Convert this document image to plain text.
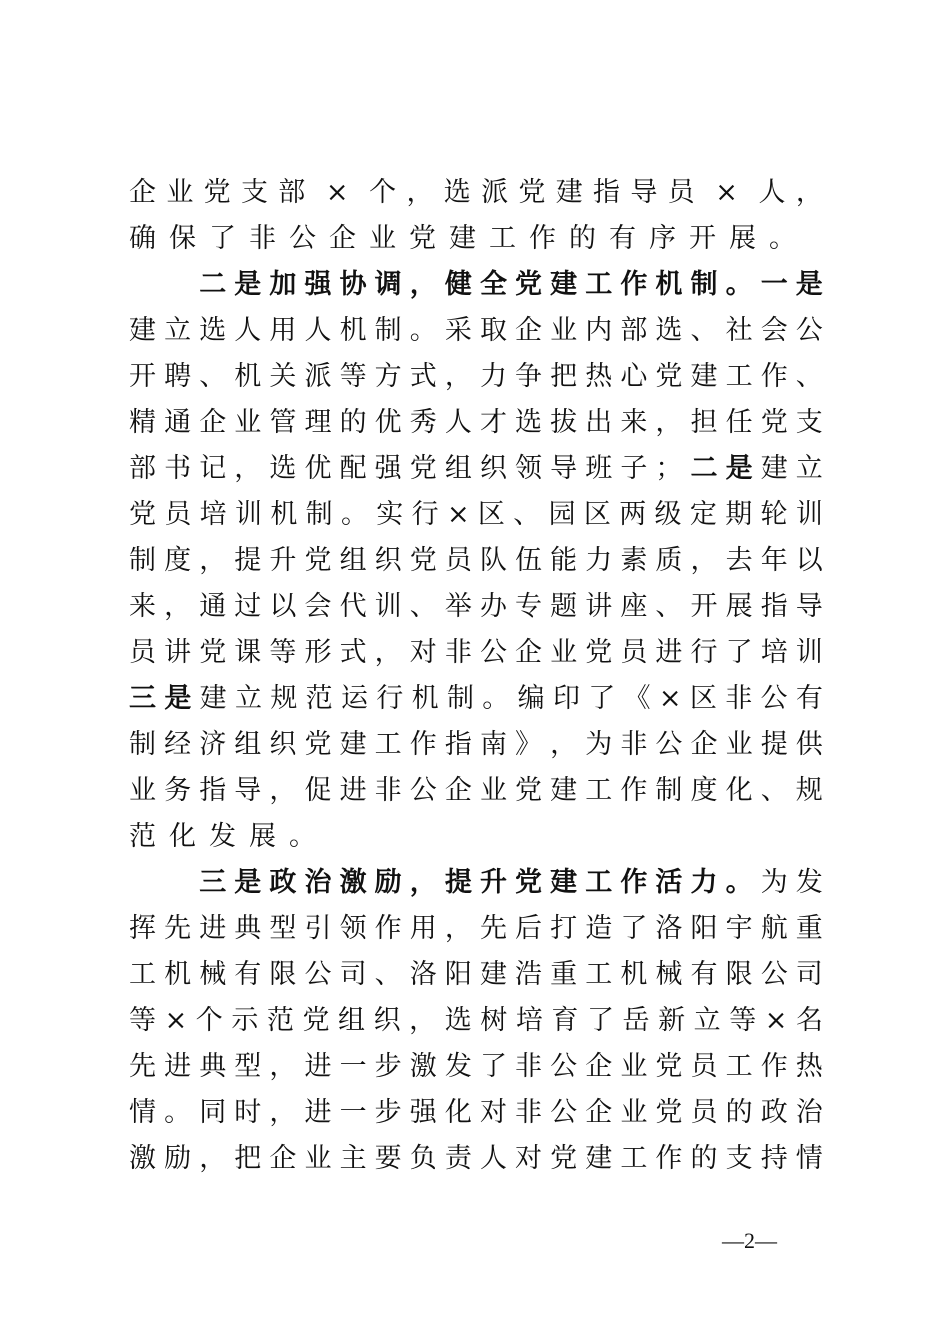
企 业 党 支 部 × 个 ， 选 派 党 建 指 导 员 × 人 ，
确 保 了 非 公 企 业 党 建 工 作 的 有 序 开 展 。

二 是 加 强 协 调 ， 健 全 党 建 工 作 机 制 。 一 是
建 立 选 人 用 人 机 制 。 采 取 企 业 内 部 选 、 社 会 公
开 聘 、 机 关 派 等 方 式 ， 力 争 把 热 心 党 建 工 作 、
精 通 企 业 管 理 的 优 秀 人 才 选 拔 出 来 ， 担 任 党 支
部 书 记 ， 选 优 配 强 党 组 织 领 导 班 子 ； 二 是 建 立
党 员 培 训 机 制 。 实 行 × 区 、 园 区 两 级 定 期 轮 训
制 度 ， 提 升 党 组 织 党 员 队 伍 能 力 素 质 ， 去 年 以
来 ， 通 过 以 会 代 训 、 举 办 专 题 讲 座 、 开 展 指 导
员 讲 党 课 等 形 式 ， 对 非 公 企 业 党 员 进 行 了 培 训
三 是 建 立 规 范 运 行 机 制 。 编 印 了 《 × 区 非 公 有
制 经 济 组 织 党 建 工 作 指 南 》 ， 为 非 公 企 业 提 供
业 务 指 导 ， 促 进 非 公 企 业 党 建 工 作 制 度 化 、 规
范 化 发 展 。

三 是 政 治 激 励 ， 提 升 党 建 工 作 活 力 。 为 发
挥 先 进 典 型 引 领 作 用 ， 先 后 打 造 了 洛 阳 宇 航 重
工 机 械 有 限 公 司 、 洛 阳 建 浩 重 工 机 械 有 限 公 司
等 × 个 示 范 党 组 织 ， 选 树 培 育 了 岳 新 立 等 × 名
先 进 典 型 ， 进 一 步 激 发 了 非 公 企 业 党 员 工 作 热
情 。 同 时 ， 进 一 步 强 化 对 非 公 企 业 党 员 的 政 治
激 励 ， 把 企 业 主 要 负 责 人 对 党 建 工 作 的 支 持 情
—2—
